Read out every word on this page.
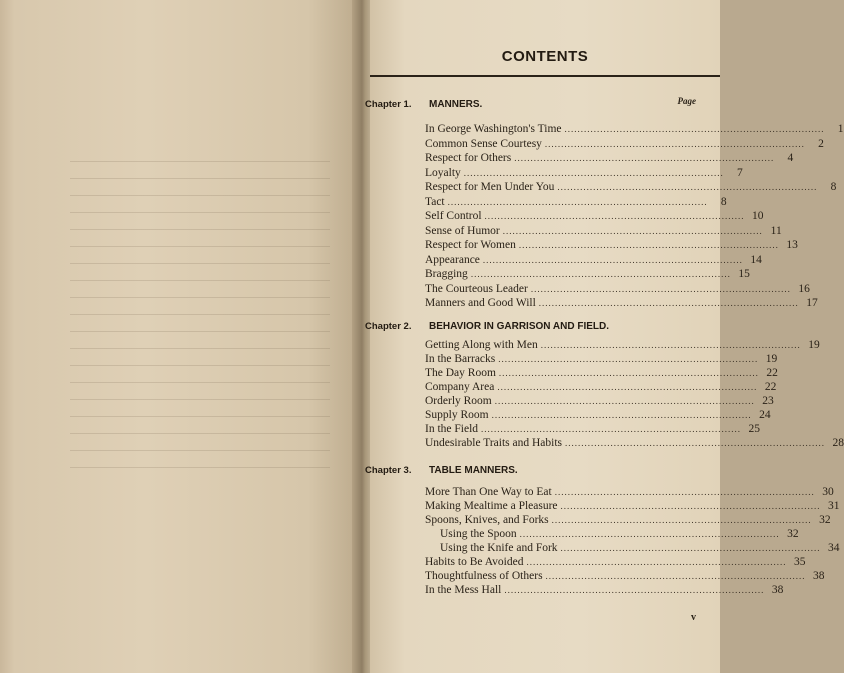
CONTENTS
Page
Chapter 1. MANNERS.
In George Washington's Time ................................................................................	1
Common Sense Courtesy ................................................................................	2
Respect for Others ................................................................................	4
Loyalty ................................................................................	7
Respect for Men Under You ................................................................................	8
Tact ................................................................................	8
Self Control ................................................................................ 10
Sense of Humor ................................................................................ 11
Respect for Women ................................................................................ 13
Appearance ................................................................................ 14
Bragging ................................................................................ 15
The Courteous Leader ................................................................................ 16
Manners and Good Will ................................................................................ 17
Chapter 2. BEHAVIOR IN GARRISON AND FIELD.
Getting Along with Men ................................................................................ 19
In the Barracks ................................................................................ 19
The Day Room ................................................................................ 22
Company Area ................................................................................ 22
Orderly Room ................................................................................ 23
Supply Room ................................................................................ 24
In the Field ................................................................................ 25
Undesirable Traits and Habits ................................................................................ 28
Chapter 3. TABLE MANNERS.
More Than One Way to Eat ................................................................................ 30
Making Mealtime a Pleasure ................................................................................ 31
Spoons, Knives, and Forks ................................................................................ 32
Using the Spoon ................................................................................ 32
Using the Knife and Fork ................................................................................ 34
Habits to Be Avoided ................................................................................ 35
Thoughtfulness of Others ................................................................................ 38
In the Mess Hall ................................................................................ 38
v
